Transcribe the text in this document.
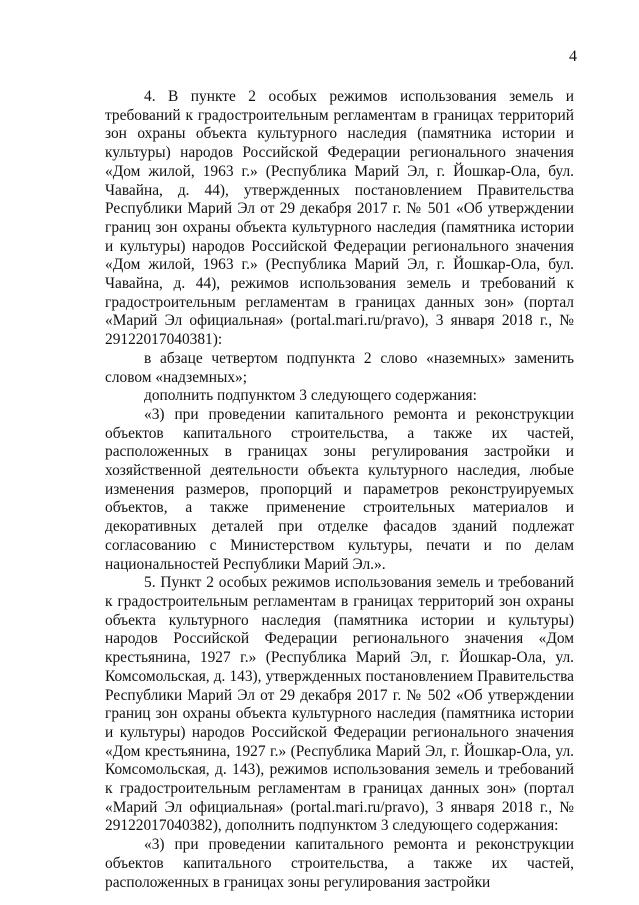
4

4. В пункте 2 особых режимов использования земель и требований к градостроительным регламентам в границах территорий зон охраны объекта культурного наследия (памятника истории и культуры) народов Российской Федерации регионального значения «Дом жилой, 1963 г.» (Республика Марий Эл, г. Йошкар-Ола, бул. Чавайна, д. 44), утвержденных постановлением Правительства Республики Марий Эл от 29 декабря 2017 г. № 501 «Об утверждении границ зон охраны объекта культурного наследия (памятника истории и культуры) народов Российской Федерации регионального значения «Дом жилой, 1963 г.» (Республика Марий Эл, г. Йошкар-Ола, бул. Чавайна, д. 44), режимов использования земель и требований к градостроительным регламентам в границах данных зон» (портал «Марий Эл официальная» (portal.mari.ru/pravo), 3 января 2018 г., № 29122017040381):

в абзаце четвертом подпункта 2 слово «наземных» заменить словом «надземных»;

дополнить подпунктом 3 следующего содержания:

«3) при проведении капитального ремонта и реконструкции объектов капитального строительства, а также их частей, расположенных в границах зоны регулирования застройки и хозяйственной деятельности объекта культурного наследия, любые изменения размеров, пропорций и параметров реконструируемых объектов, а также применение строительных материалов и декоративных деталей при отделке фасадов зданий подлежат согласованию с Министерством культуры, печати и по делам национальностей Республики Марий Эл.».

5. Пункт 2 особых режимов использования земель и требований к градостроительным регламентам в границах территорий зон охраны объекта культурного наследия (памятника истории и культуры) народов Российской Федерации регионального значения «Дом крестьянина, 1927 г.» (Республика Марий Эл, г. Йошкар-Ола, ул. Комсомольская, д. 143), утвержденных постановлением Правительства Республики Марий Эл от 29 декабря 2017 г. № 502 «Об утверждении границ зон охраны объекта культурного наследия (памятника истории и культуры) народов Российской Федерации регионального значения «Дом крестьянина, 1927 г.» (Республика Марий Эл, г. Йошкар-Ола, ул. Комсомольская, д. 143), режимов использования земель и требований к градостроительным регламентам в границах данных зон» (портал «Марий Эл официальная» (portal.mari.ru/pravo), 3 января 2018 г., № 29122017040382), дополнить подпунктом 3 следующего содержания:

«3) при проведении капитального ремонта и реконструкции объектов капитального строительства, а также их частей, расположенных в границах зоны регулирования застройки
